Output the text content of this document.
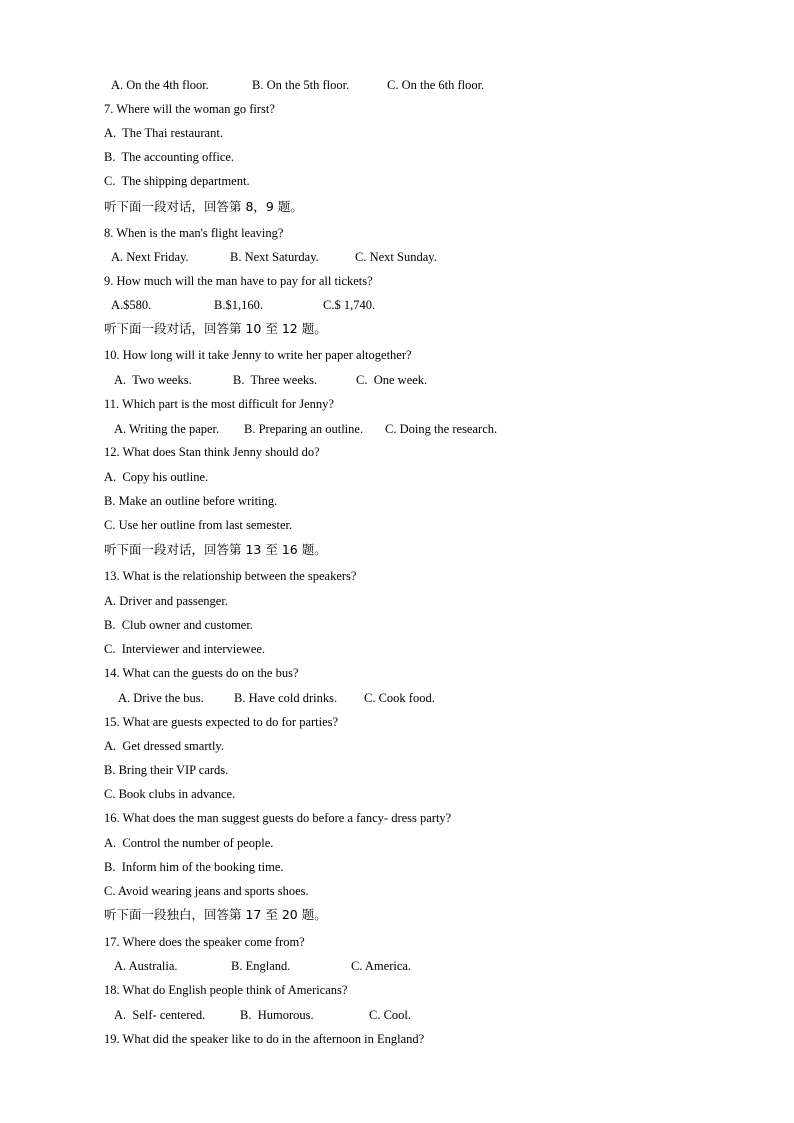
A. On the 4th floor.	B. On the 5th floor.	C. On the 6th floor.
7. Where will the woman go first?
A.  The Thai restaurant.
B.  The accounting office.
C.  The shipping department.
听下面一段对话，回答第 8，9 题。
8. When is the man's flight leaving?
A. Next Friday.	B. Next Saturday.	C. Next Sunday.
9. How much will the man have to pay for all tickets?
A.$580.	B.$1,160.	C.$ 1,740.
听下面一段对话，回答第 10 至 12 题。
10. How long will it take Jenny to write her paper altogether?
A.  Two weeks.	B.  Three weeks.	C.  One week.
11. Which part is the most difficult for Jenny?
A. Writing the paper. B. Preparing an outline. C. Doing the research.
12. What does Stan think Jenny should do?
A.  Copy his outline.
B. Make an outline before writing.
C. Use her outline from last semester.
听下面一段对话，回答第 13 至 16 题。
13. What is the relationship between the speakers?
A. Driver and passenger.
B.  Club owner and customer.
C.  Interviewer and interviewee.
14. What can the guests do on the bus?
A. Drive the bus. B. Have cold drinks. C. Cook food.
15. What are guests expected to do for parties?
A.  Get dressed smartly.
B. Bring their VIP cards.
C. Book clubs in advance.
16. What does the man suggest guests do before a fancy- dress party?
A.  Control the number of people.
B.  Inform him of the booking time.
C. Avoid wearing jeans and sports shoes.
听下面一段独白，回答第 17 至 20 题。
17. Where does the speaker come from?
A. Australia.	B. England.	C. America.
18. What do English people think of Americans?
A.  Self- centered.	B.  Humorous.	C. Cool.
19. What did the speaker like to do in the afternoon in England?
